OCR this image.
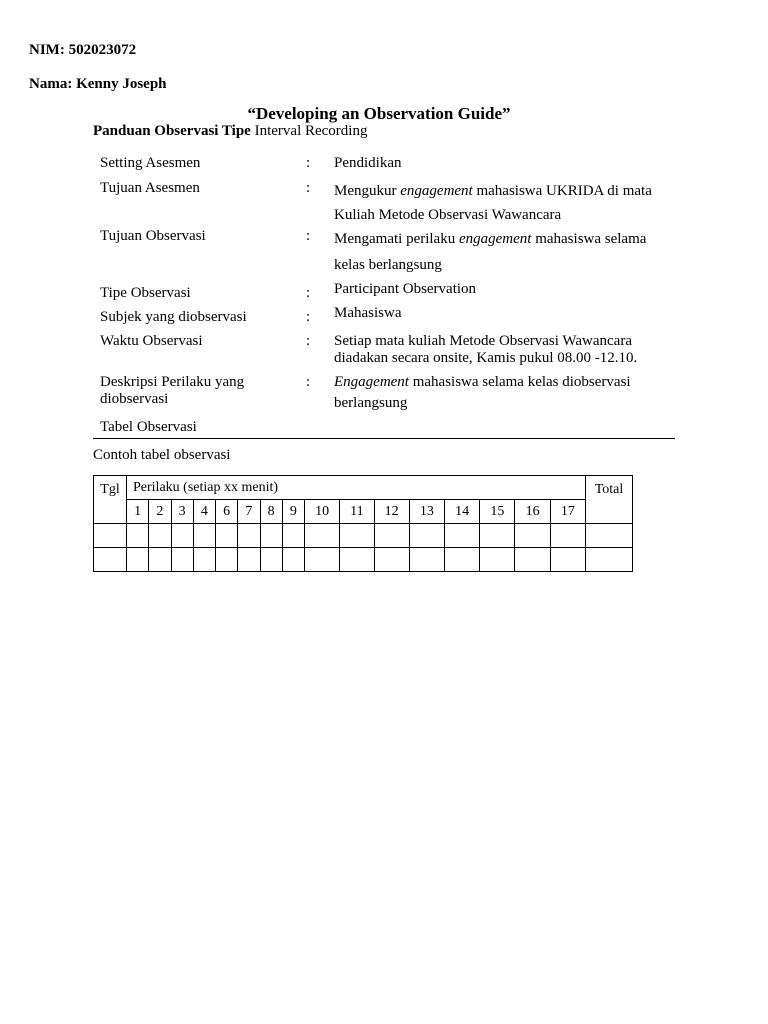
NIM: 502023072
Nama: Kenny Joseph
“Developing an Observation Guide”
Panduan Observasi Tipe Interval Recording
Setting Asesmen	: Pendidikan
Tujuan Asesmen	: Mengukur engagement mahasiswa UKRIDA di mata
Kuliah Metode Observasi Wawancara
Tujuan Observasi	: Mengamati perilaku engagement mahasiswa selama
kelas berlangsung
Tipe Observasi	: Participant Observation
Subjek yang diobservasi	: Mahasiswa
Waktu Observasi	: Setiap mata kuliah Metode Observasi Wawancara
diadakan secara onsite, Kamis pukul 08.00 -12.10.
Deskripsi Perilaku yang
diobservasi
: Engagement mahasiswa selama kelas diobservasi
berlangsung
Tabel Observasi
Contoh tabel observasi
Tgl	Perilaku (setiap xx menit)																Total
	1	2	3	4	6	7	8	9	10	11	12	13	14	15	16	17	
